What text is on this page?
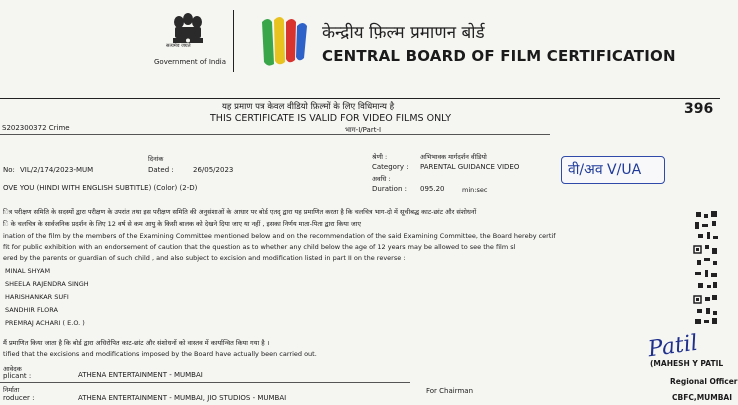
सत्यमेव जयते
Government of India
केन्द्रीय फ़िल्म प्रमाणन बोर्ड
CENTRAL BOARD OF FILM CERTIFICATION
यह प्रमाण पत्र केवल वीडियो फ़िल्मों के लिए विधिमान्य है
THIS CERTIFICATE IS VALID FOR VIDEO FILMS ONLY
भाग-I/Part-I
396
S202300372 Crime
दिनांक
No: VIL/2/174/2023-MUM	Dated :	26/05/2023
श्रेणी :	अभिभावक मार्गदर्शन वीडियो
Category : PARENTAL GUIDANCE VIDEO
अवधि :
Duration : 095.20	min:sec
वी/अव V/UA
OVE YOU (HINDI WITH ENGLISH SUBTITLE) (Color) (2-D)
ित्र परीक्षण समिति के सदस्यों द्वारा परीक्षण के उपरांत तथा इस परीक्षण समिति की अनुसंशाओं के आधार पर बोर्ड एतद् द्वारा यह प्रमाणित करता है कि चलचित्र भाग-दो में सूचीबद्ध काट-छांट और संशोधनों
ि के चलचित्र के सार्वजनिक प्रदर्शन के लिए 12 वर्ष से कम आयु के किसी बालक को देखने दिया जाए या नहीं , इसका निर्णय माता-पिता द्वारा किया जाए
ination of the film by the members of the Examining Committee mentioned below and on the recommendation of the said Examining Committee, the Board hereby certif
fit for public exhibition with an endorsement of caution that the question as to whether any child below the age of 12 years may be allowed to see the film sl
ered by the parents or guardian of such child , and also subject to excision and modification listed in part II on the reverse :
MINAL SHYAM
SHEELA RAJENDRA SINGH
HARISHANKAR SUFI
SANDHIR FLORA
PREMRAJ ACHARI ( E.O. )
मैं प्रमाणित किया जाता है कि बोर्ड द्वारा अधिरोपित काट-छांट और संशोधनों को वास्तव में कार्यान्वित किया गया है ।
tified that the excisions and modifications imposed by the Board have actually been carried out.
आवेदक
plicant :	ATHENA ENTERTAINMENT - MUMBAI
निर्माता
roducer :	ATHENA ENTERTAINMENT - MUMBAI, JIO STUDIOS - MUMBAI
For Chairman
Patil
(MAHESH Y PATIL
Regional Officer
CBFC,MUMBAI
